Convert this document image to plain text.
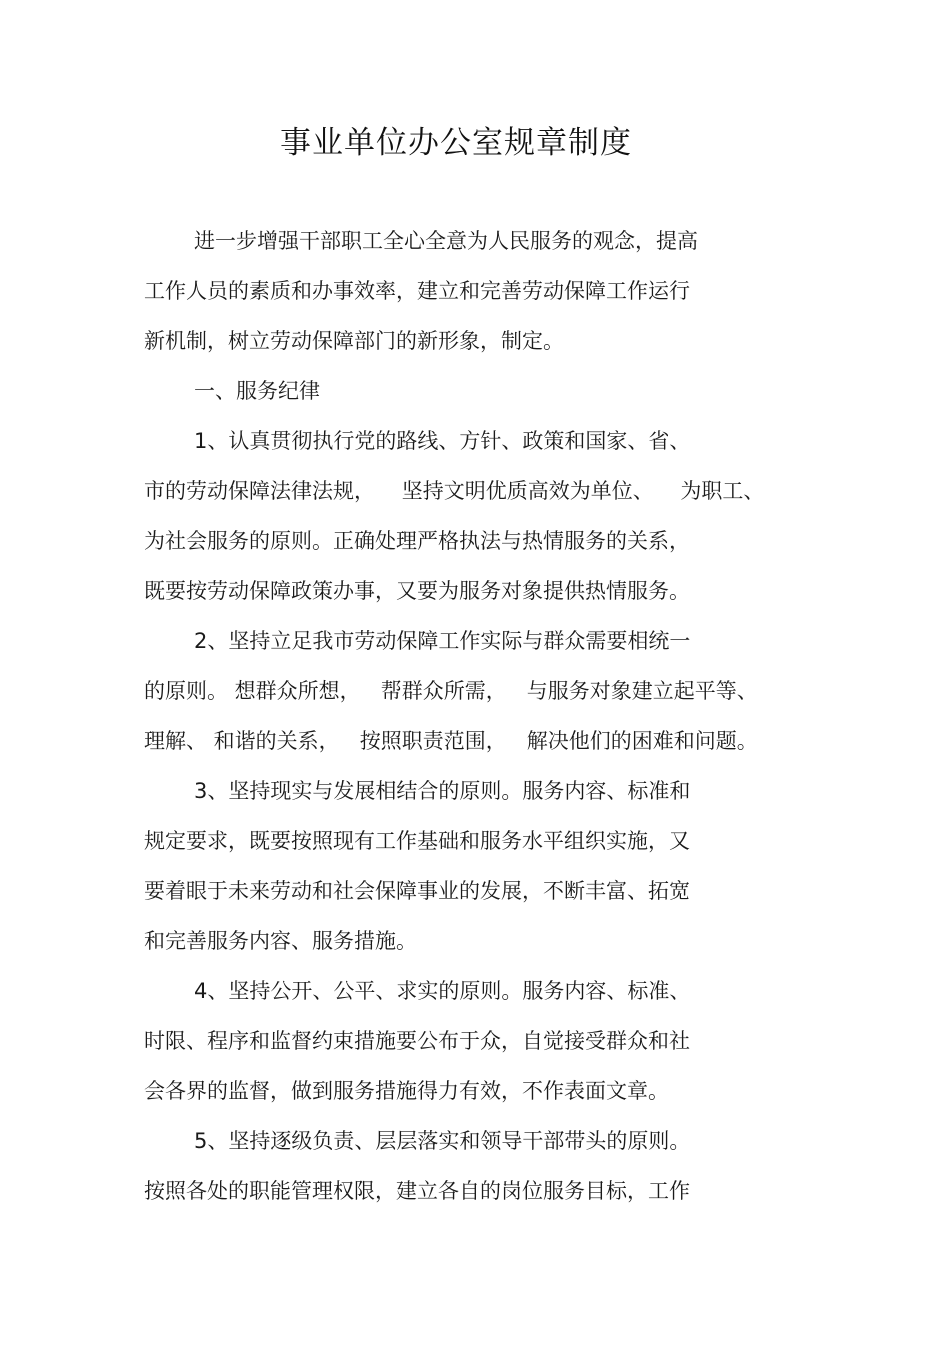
事业单位办公室规章制度
进一步增强干部职工全心全意为人民服务的观念，提高
工作人员的素质和办事效率，建立和完善劳动保障工作运行
新机制，树立劳动保障部门的新形象，制定。
一、服务纪律
1、认真贯彻执行党的路线、方针、政策和国家、省、
市的劳动保障法律法规，    坚持文明优质高效为单位、    为职工、
为社会服务的原则。正确处理严格执法与热情服务的关系，
既要按劳动保障政策办事，又要为服务对象提供热情服务。
2、坚持立足我市劳动保障工作实际与群众需要相统一
的原则。 想群众所想，   帮群众所需，   与服务对象建立起平等、
理解、 和谐的关系，   按照职责范围，   解决他们的困难和问题。
3、坚持现实与发展相结合的原则。服务内容、标准和
规定要求，既要按照现有工作基础和服务水平组织实施，又
要着眼于未来劳动和社会保障事业的发展，不断丰富、拓宽
和完善服务内容、服务措施。
4、坚持公开、公平、求实的原则。服务内容、标准、
时限、程序和监督约束措施要公布于众，自觉接受群众和社
会各界的监督，做到服务措施得力有效，不作表面文章。
5、坚持逐级负责、层层落实和领导干部带头的原则。
按照各处的职能管理权限，建立各自的岗位服务目标，工作
